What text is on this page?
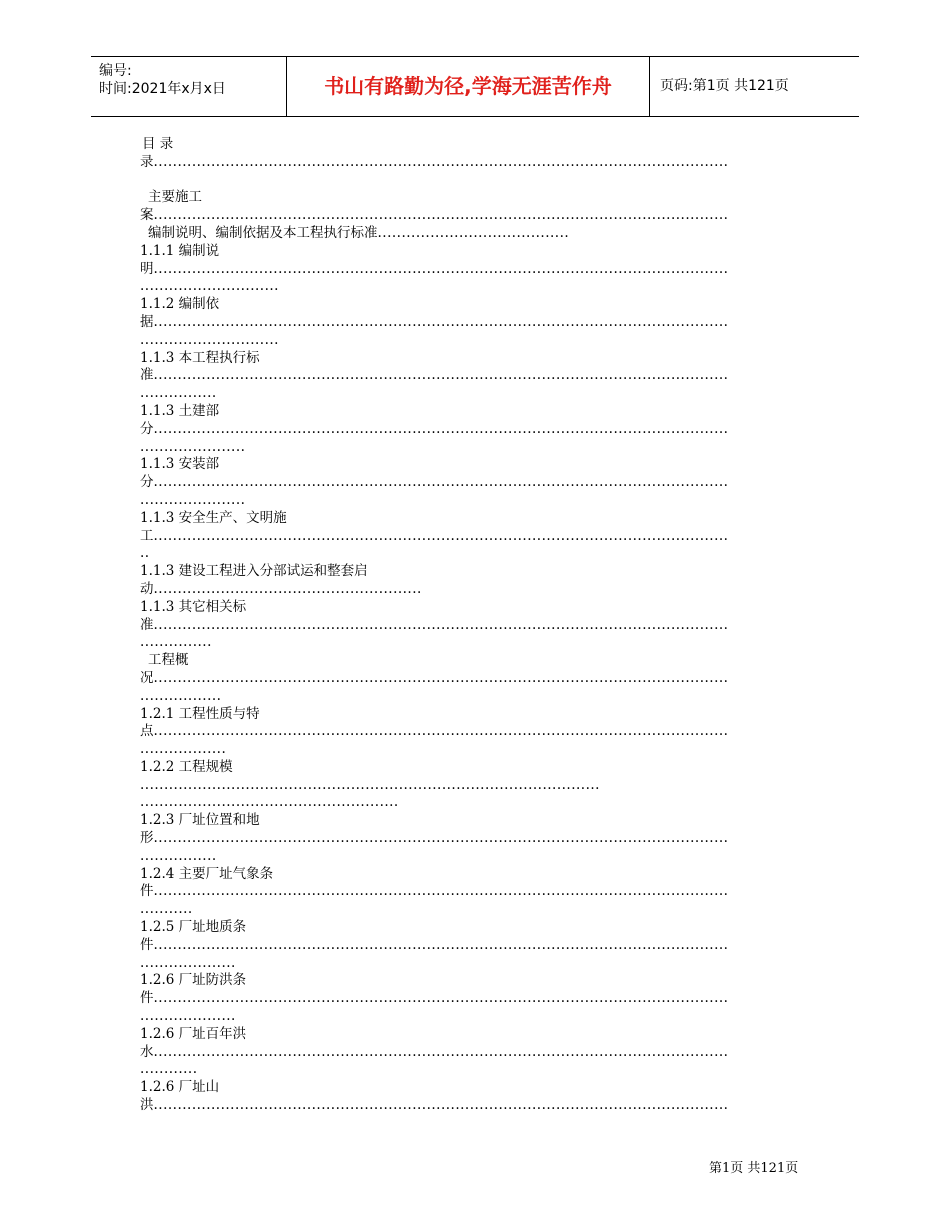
编号:
时间:2021年x月x日	书山有路勤为径,学海无涯苦作舟	页码:第1页 共121页
目 录
录........................................................................................................................
主要施工
案........................................................................................................................
编制说明、编制依据及本工程执行标准........................................
1.1.1 编制说
明........................................................................................................................
.............................
1.1.2 编制依
据........................................................................................................................
.............................
1.1.3 本工程执行标
准........................................................................................................................
................
1.1.3 土建部
分........................................................................................................................
......................
1.1.3 安装部
分........................................................................................................................
......................
1.1.3 安全生产、文明施
工........................................................................................................................
..
1.1.3 建设工程进入分部试运和整套启
动........................................................
1.1.3 其它相关标
准........................................................................................................................
...............
工程概
况........................................................................................................................
.................
1.2.1 工程性质与特
点........................................................................................................................
..................
1.2.2 工程规模
................................................................................................
......................................................
1.2.3 厂址位置和地
形........................................................................................................................
................
1.2.4 主要厂址气象条
件........................................................................................................................
...........
1.2.5 厂址地质条
件........................................................................................................................
....................
1.2.6 厂址防洪条
件........................................................................................................................
....................
1.2.6 厂址百年洪
水........................................................................................................................
............
1.2.6 厂址山
洪........................................................................................................................
第1页 共121页
